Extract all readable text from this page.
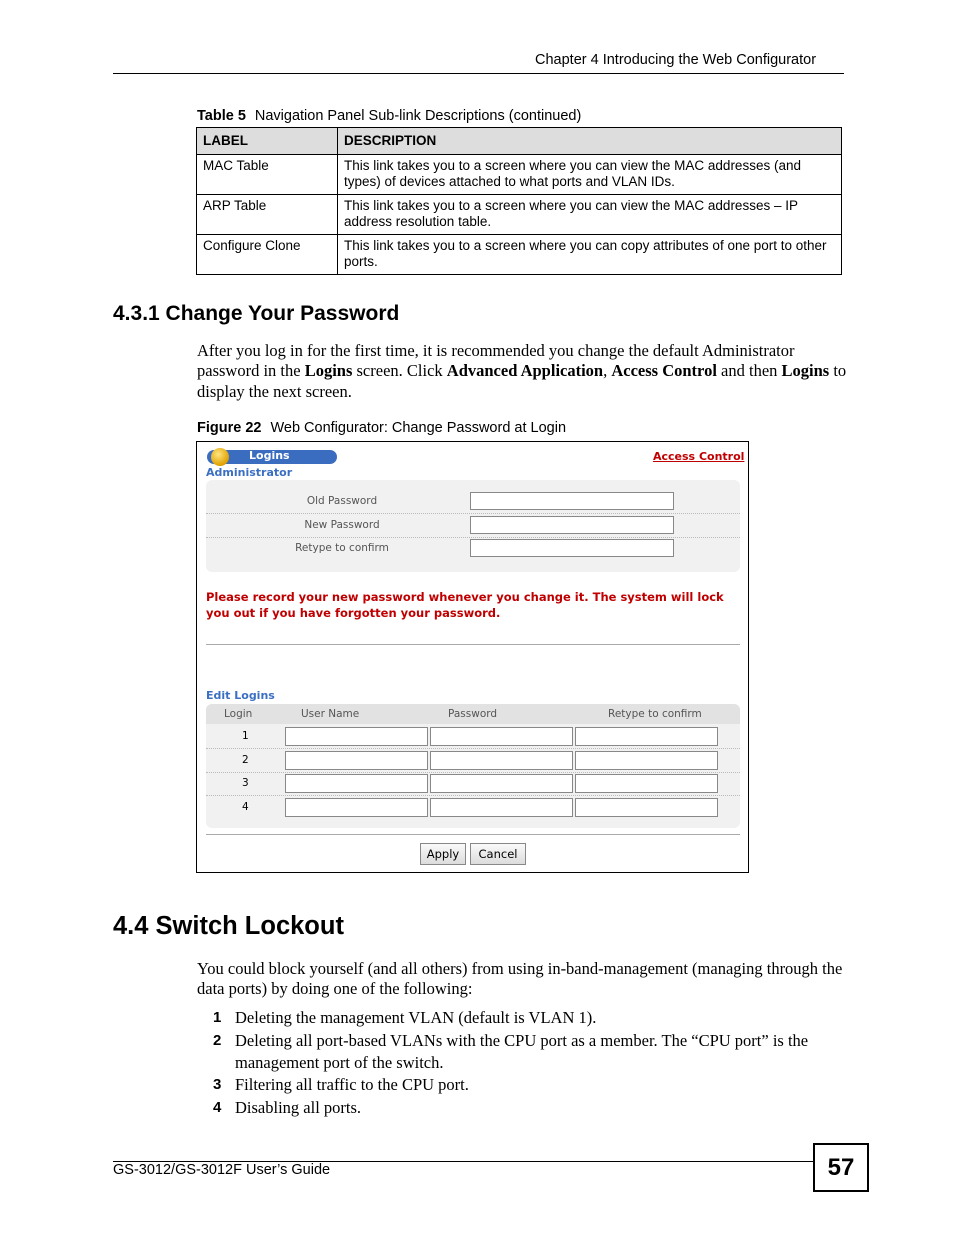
Chapter 4 Introducing the Web Configurator
Table 5 Navigation Panel Sub-link Descriptions (continued)
LABEL	DESCRIPTION
MAC Table	This link takes you to a screen where you can view the MAC addresses (and types) of devices attached to what ports and VLAN IDs.
ARP Table	This link takes you to a screen where you can view the MAC addresses – IP address resolution table.
Configure Clone	This link takes you to a screen where you can copy attributes of one port to other ports.
4.3.1 Change Your Password
After you log in for the first time, it is recommended you change the default Administrator password in the Logins screen. Click Advanced Application, Access Control and then Logins to display the next screen.
Figure 22 Web Configurator: Change Password at Login
Logins
Administrator
Access Control
Old Password
New Password
Retype to confirm
Please record your new password whenever you change it. The system will lock you out if you have forgotten your password.
Edit Logins
Login	User Name	Password	Retype to confirm
1
2
3
4
Apply	Cancel
4.4 Switch Lockout
You could block yourself (and all others) from using in-band-management (managing through the data ports) by doing one of the following:
1 Deleting the management VLAN (default is VLAN 1).
2 Deleting all port-based VLANs with the CPU port as a member. The “CPU port” is the management port of the switch.
3 Filtering all traffic to the CPU port.
4 Disabling all ports.
GS-3012/GS-3012F User’s Guide	57
